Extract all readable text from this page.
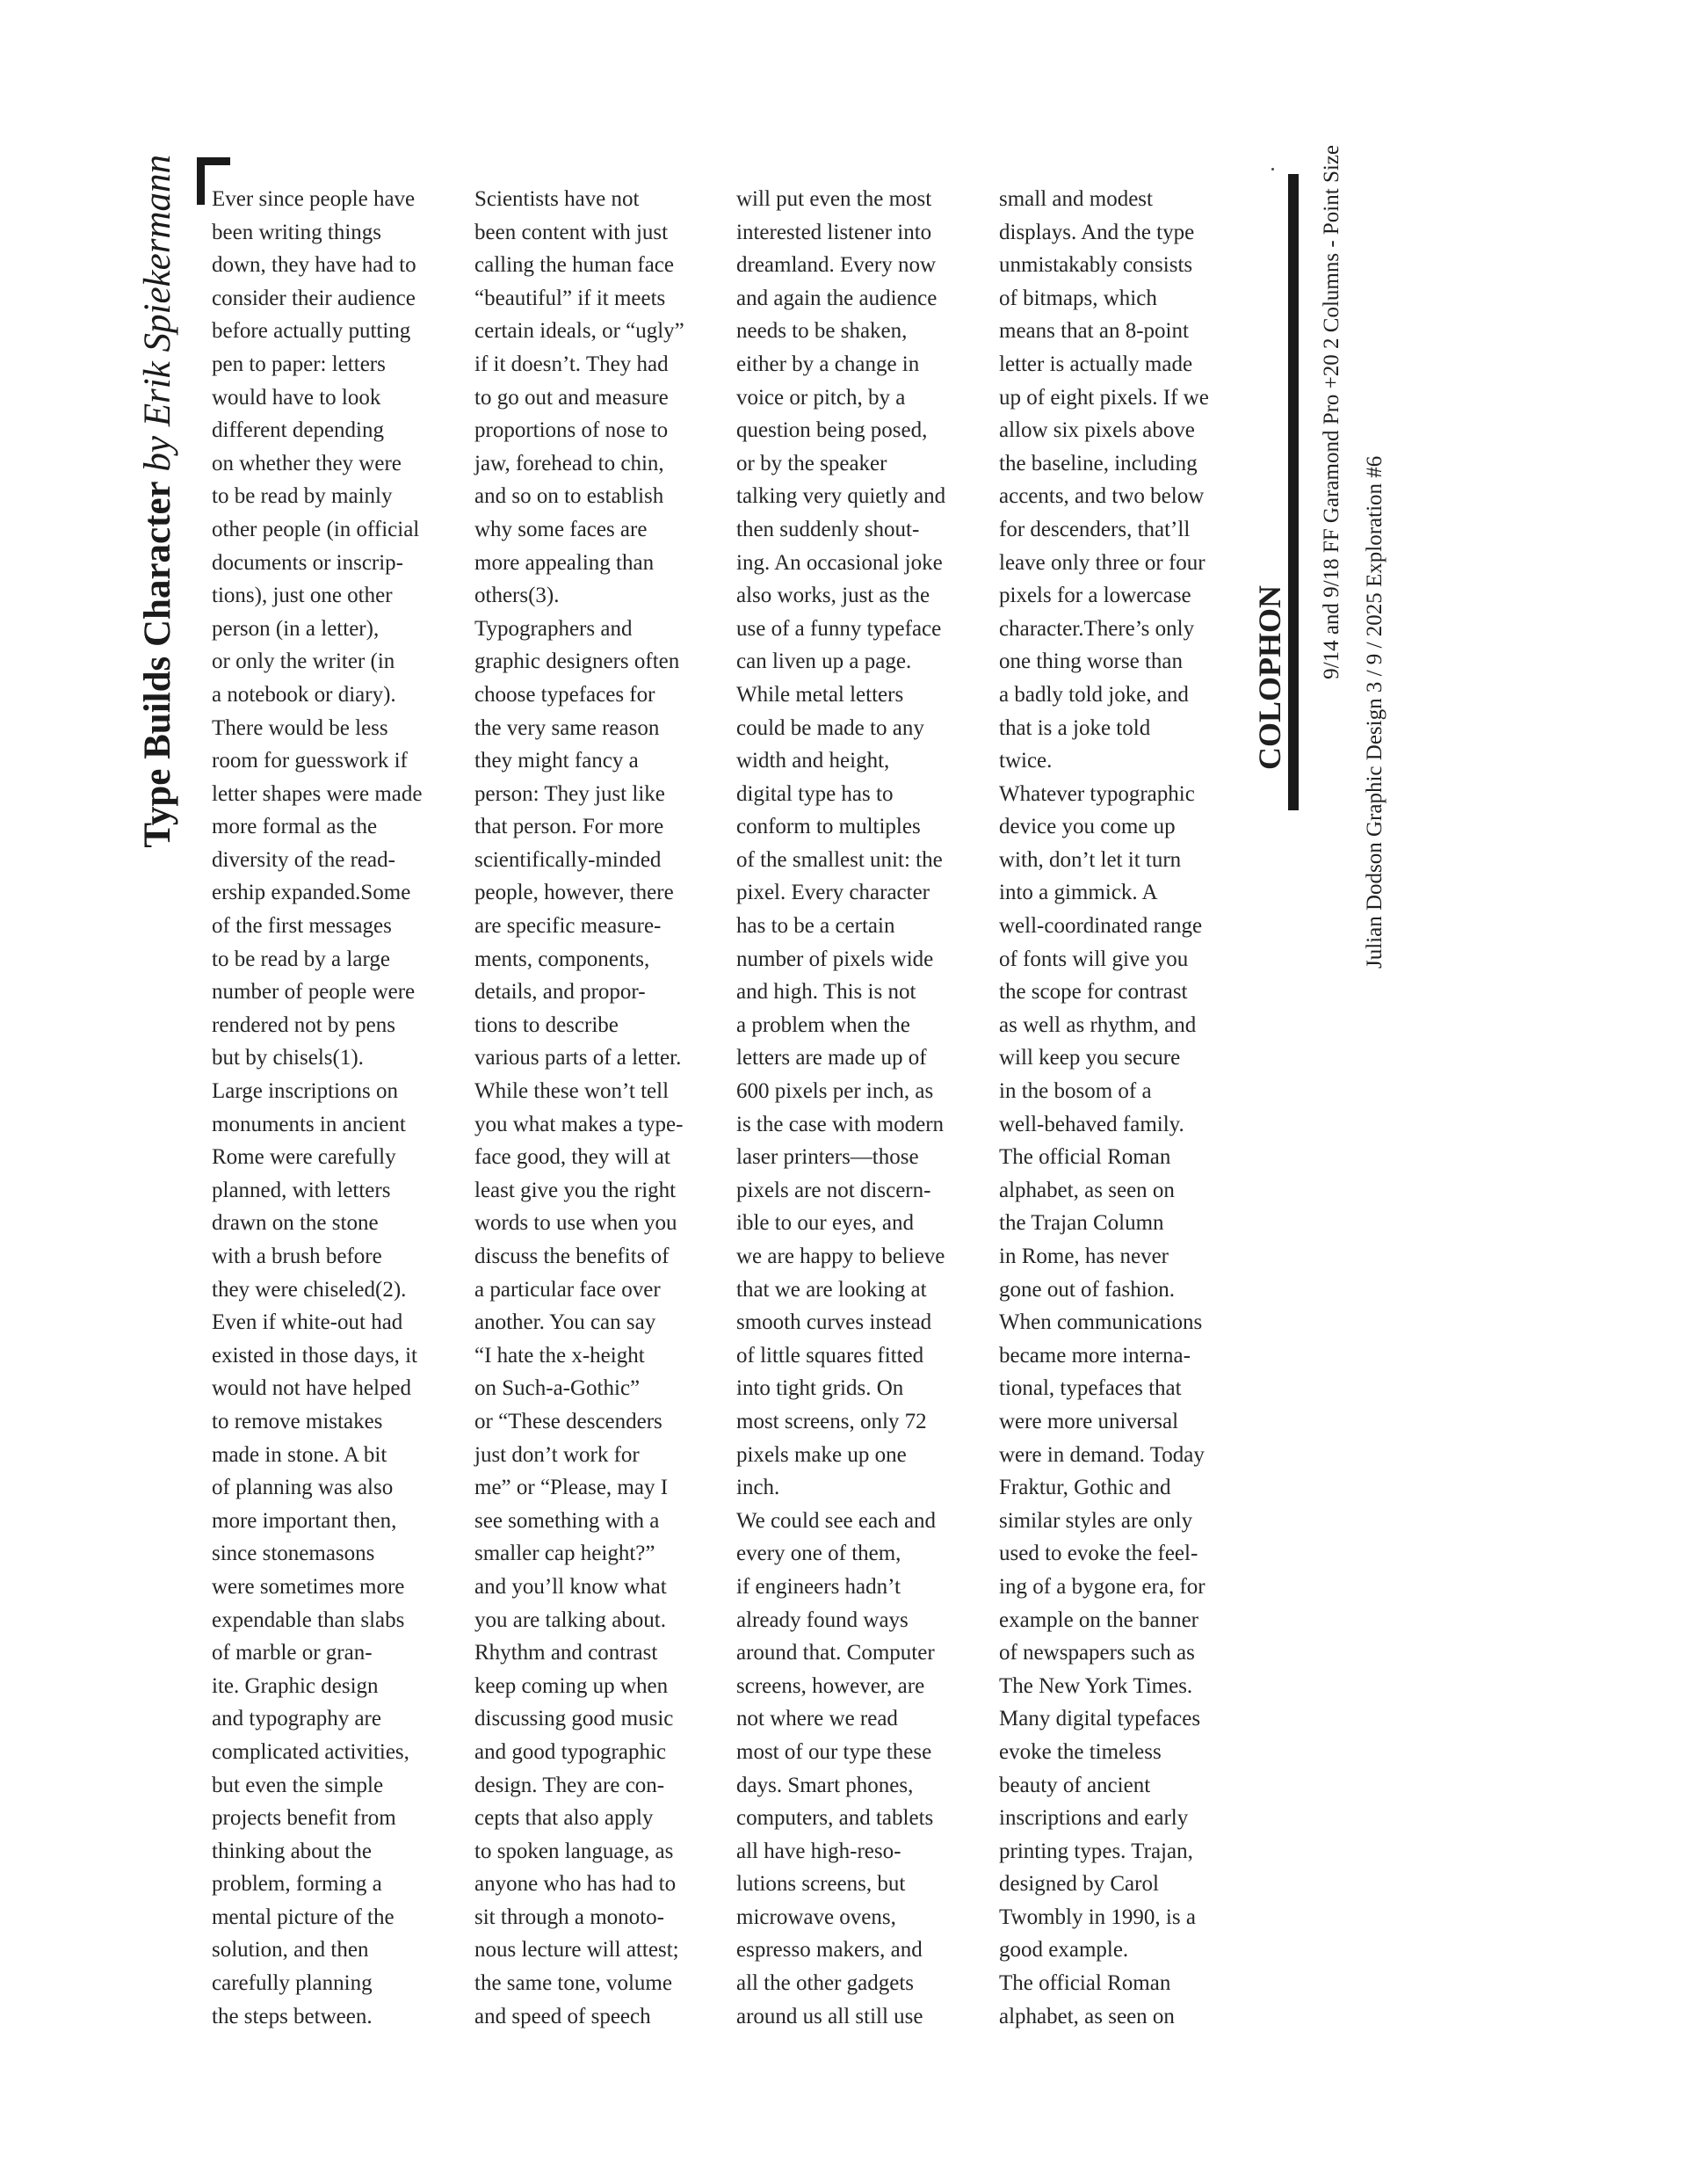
Type Builds Character by Erik Spiekermann Ever since people have
been writing things
down, they have had to
consider their audience
before actually putting
pen to paper: letters
would have to look
different depending
on whether they were
to be read by mainly
other people (in official
documents or inscrip-
tions), just one other
person (in a letter),
or only the writer (in
a notebook or diary).
There would be less
room for guesswork if
letter shapes were made
more formal as the
diversity of the read-
ership expanded.Some
of the first messages
to be read by a large
number of people were
rendered not by pens
but by chisels(1).
Large inscriptions on
monuments in ancient
Rome were carefully
planned, with letters
drawn on the stone
with a brush before
they were chiseled(2).
Even if white-out had
existed in those days, it
would not have helped
to remove mistakes
made in stone. A bit
of planning was also
more important then,
since stonemasons
were sometimes more
expendable than slabs
of marble or gran-
ite. Graphic design
and typography are
complicated activities,
but even the simple
projects benefit from
thinking about the
problem, forming a
mental picture of the
solution, and then
carefully planning
the steps between.
Scientists have not
been content with just
calling the human face
“beautiful” if it meets
certain ideals, or “ugly”
if it doesn’t. They had
to go out and measure
proportions of nose to
jaw, forehead to chin,
and so on to establish
why some faces are
more appealing than
others(3).
Typographers and
graphic designers often
choose typefaces for
the very same reason
they might fancy a
person: They just like
that person. For more
scientifically-minded
people, however, there
are specific measure-
ments, components,
details, and propor-
tions to describe
various parts of a letter.
While these won’t tell
you what makes a type-
face good, they will at
least give you the right
words to use when you
discuss the benefits of
a particular face over
another. You can say
“I hate the x-height
on Such-a-Gothic”
or “These descenders
just don’t work for
me” or “Please, may I
see something with a
smaller cap height?”
and you’ll know what
you are talking about.
Rhythm and contrast
keep coming up when
discussing good music
and good typographic
design. They are con-
cepts that also apply
to spoken language, as
anyone who has had to
sit through a monoto-
nous lecture will attest;
the same tone, volume
and speed of speech
will put even the most
interested listener into
dreamland. Every now
and again the audience
needs to be shaken,
either by a change in
voice or pitch, by a
question being posed,
or by the speaker
talking very quietly and
then suddenly shout-
ing. An occasional joke
also works, just as the
use of a funny typeface
can liven up a page.
While metal letters
could be made to any
width and height,
digital type has to
conform to multiples
of the smallest unit: the
pixel. Every character
has to be a certain
number of pixels wide
and high. This is not
a problem when the
letters are made up of
600 pixels per inch, as
is the case with modern
laser printers—those
pixels are not discern-
ible to our eyes, and
we are happy to believe
that we are looking at
smooth curves instead
of little squares fitted
into tight grids. On
most screens, only 72
pixels make up one
inch.
We could see each and
every one of them,
if engineers hadn’t
already found ways
around that. Computer
screens, however, are
not where we read
most of our type these
days. Smart phones,
computers, and tablets
all have high-reso-
lutions screens, but
microwave ovens,
espresso makers, and
all the other gadgets
around us all still use
small and modest
displays. And the type
unmistakably consists
of bitmaps, which
means that an 8-point
letter is actually made
up of eight pixels. If we
allow six pixels above
the baseline, including
accents, and two below
for descenders, that’ll
leave only three or four
pixels for a lowercase
character.There’s only
one thing worse than
a badly told joke, and
that is a joke told
twice.
Whatever typographic
device you come up
with, don’t let it turn
into a gimmick. A
well-coordinated range
of fonts will give you
the scope for contrast
as well as rhythm, and
will keep you secure
in the bosom of a
well-behaved family.
The official Roman
alphabet, as seen on
the Trajan Column
in Rome, has never
gone out of fashion.
When communications
became more interna-
tional, typefaces that
were more universal
were in demand. Today
Fraktur, Gothic and
similar styles are only
used to evoke the feel-
ing of a bygone era, for
example on the banner
of newspapers such as
The New York Times.
Many digital typefaces
evoke the timeless
beauty of ancient
inscriptions and early
printing types. Trajan,
designed by Carol
Twombly in 1990, is a
good example.
The official Roman
alphabet, as seen on
COLOPHON 9/14 and 9/18 FF Garamond Pro +20 2 Columns - Point Size
Julian Dodson Graphic Design 3 / 9 / 2025 Exploration #6
